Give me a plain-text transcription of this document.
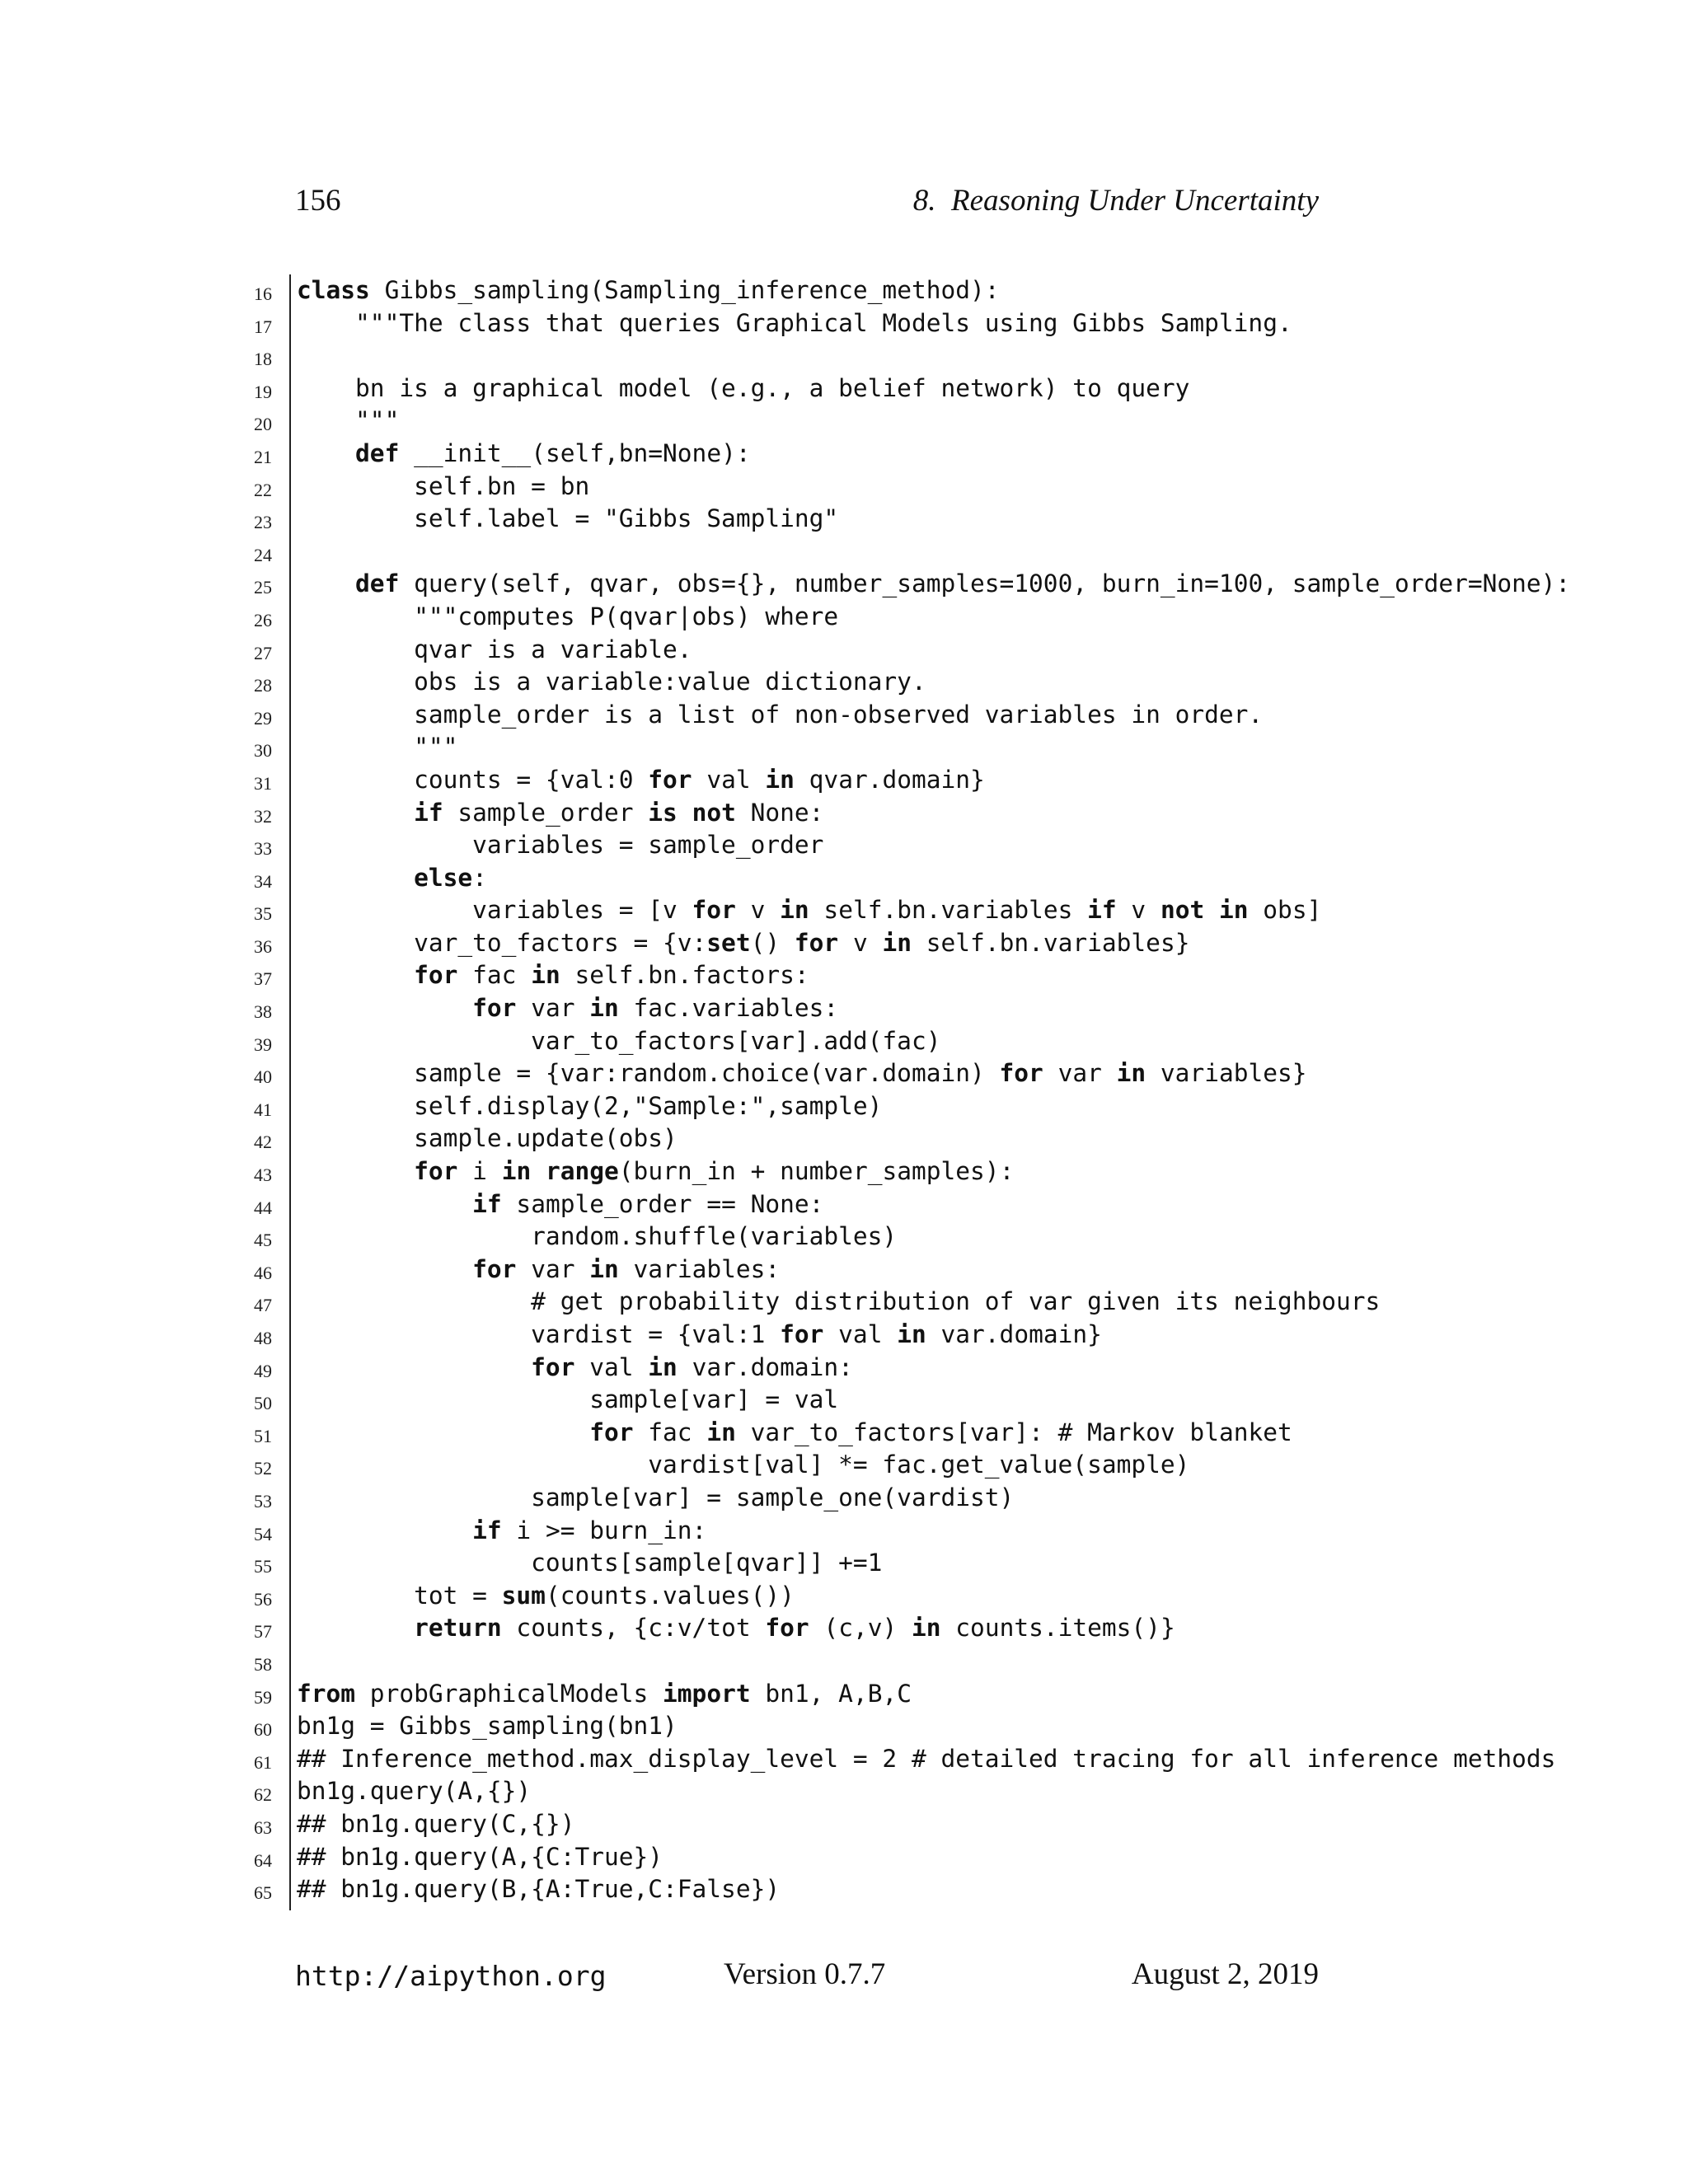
156	8.  Reasoning Under Uncertainty
16 class Gibbs_sampling(Sampling_inference_method):
17 """The class that queries Graphical Models using Gibbs Sampling.
18
19 bn is a graphical model (e.g., a belief network) to query
20 """
21	def __init__(self,bn=None):
22 self.bn = bn
23 self.label = "Gibbs Sampling"
24
25	def query(self, qvar, obs={}, number_samples=1000, burn_in=100, sample_order=None):
26 """computes P(qvar|obs) where
27 qvar is a variable.
28 obs is a variable:value dictionary.
29 sample_order is a list of non-observed variables in order.
30 """
31 counts = {val:0 for val in qvar.domain}
32	if sample_order is not None:
33 variables = sample_order
34	else:
35 variables = [v for v in self.bn.variables if v not in obs]
36 var_to_factors = {v:set() for v in self.bn.variables}
37	for fac in self.bn.factors:
38	for var in fac.variables:
39 var_to_factors[var].add(fac)
40 sample = {var:random.choice(var.domain) for var in variables}
41 self.display(2,"Sample:",sample)
42 sample.update(obs)
43	for i in range(burn_in + number_samples):
44	if sample_order == None:
45 random.shuffle(variables)
46	for var in variables:
47 # get probability distribution of var given its neighbours
48 vardist = {val:1 for val in var.domain}
49	for val in var.domain:
50 sample[var] = val
51	for fac in var_to_factors[var]: # Markov blanket
52 vardist[val] *= fac.get_value(sample)
53 sample[var] = sample_one(vardist)
54	if i >= burn_in:
55 counts[sample[qvar]] +=1
56 tot = sum(counts.values())
57	return counts, {c:v/tot for (c,v) in counts.items()}
58
59 from probGraphicalModels import bn1, A,B,C
60 bn1g = Gibbs_sampling(bn1)
61 ## Inference_method.max_display_level = 2 # detailed tracing for all inference methods
62 bn1g.query(A,{})
63 ## bn1g.query(C,{})
64 ## bn1g.query(A,{C:True})
65 ## bn1g.query(B,{A:True,C:False})
http://aipython.org	Version 0.7.7	August 2, 2019
